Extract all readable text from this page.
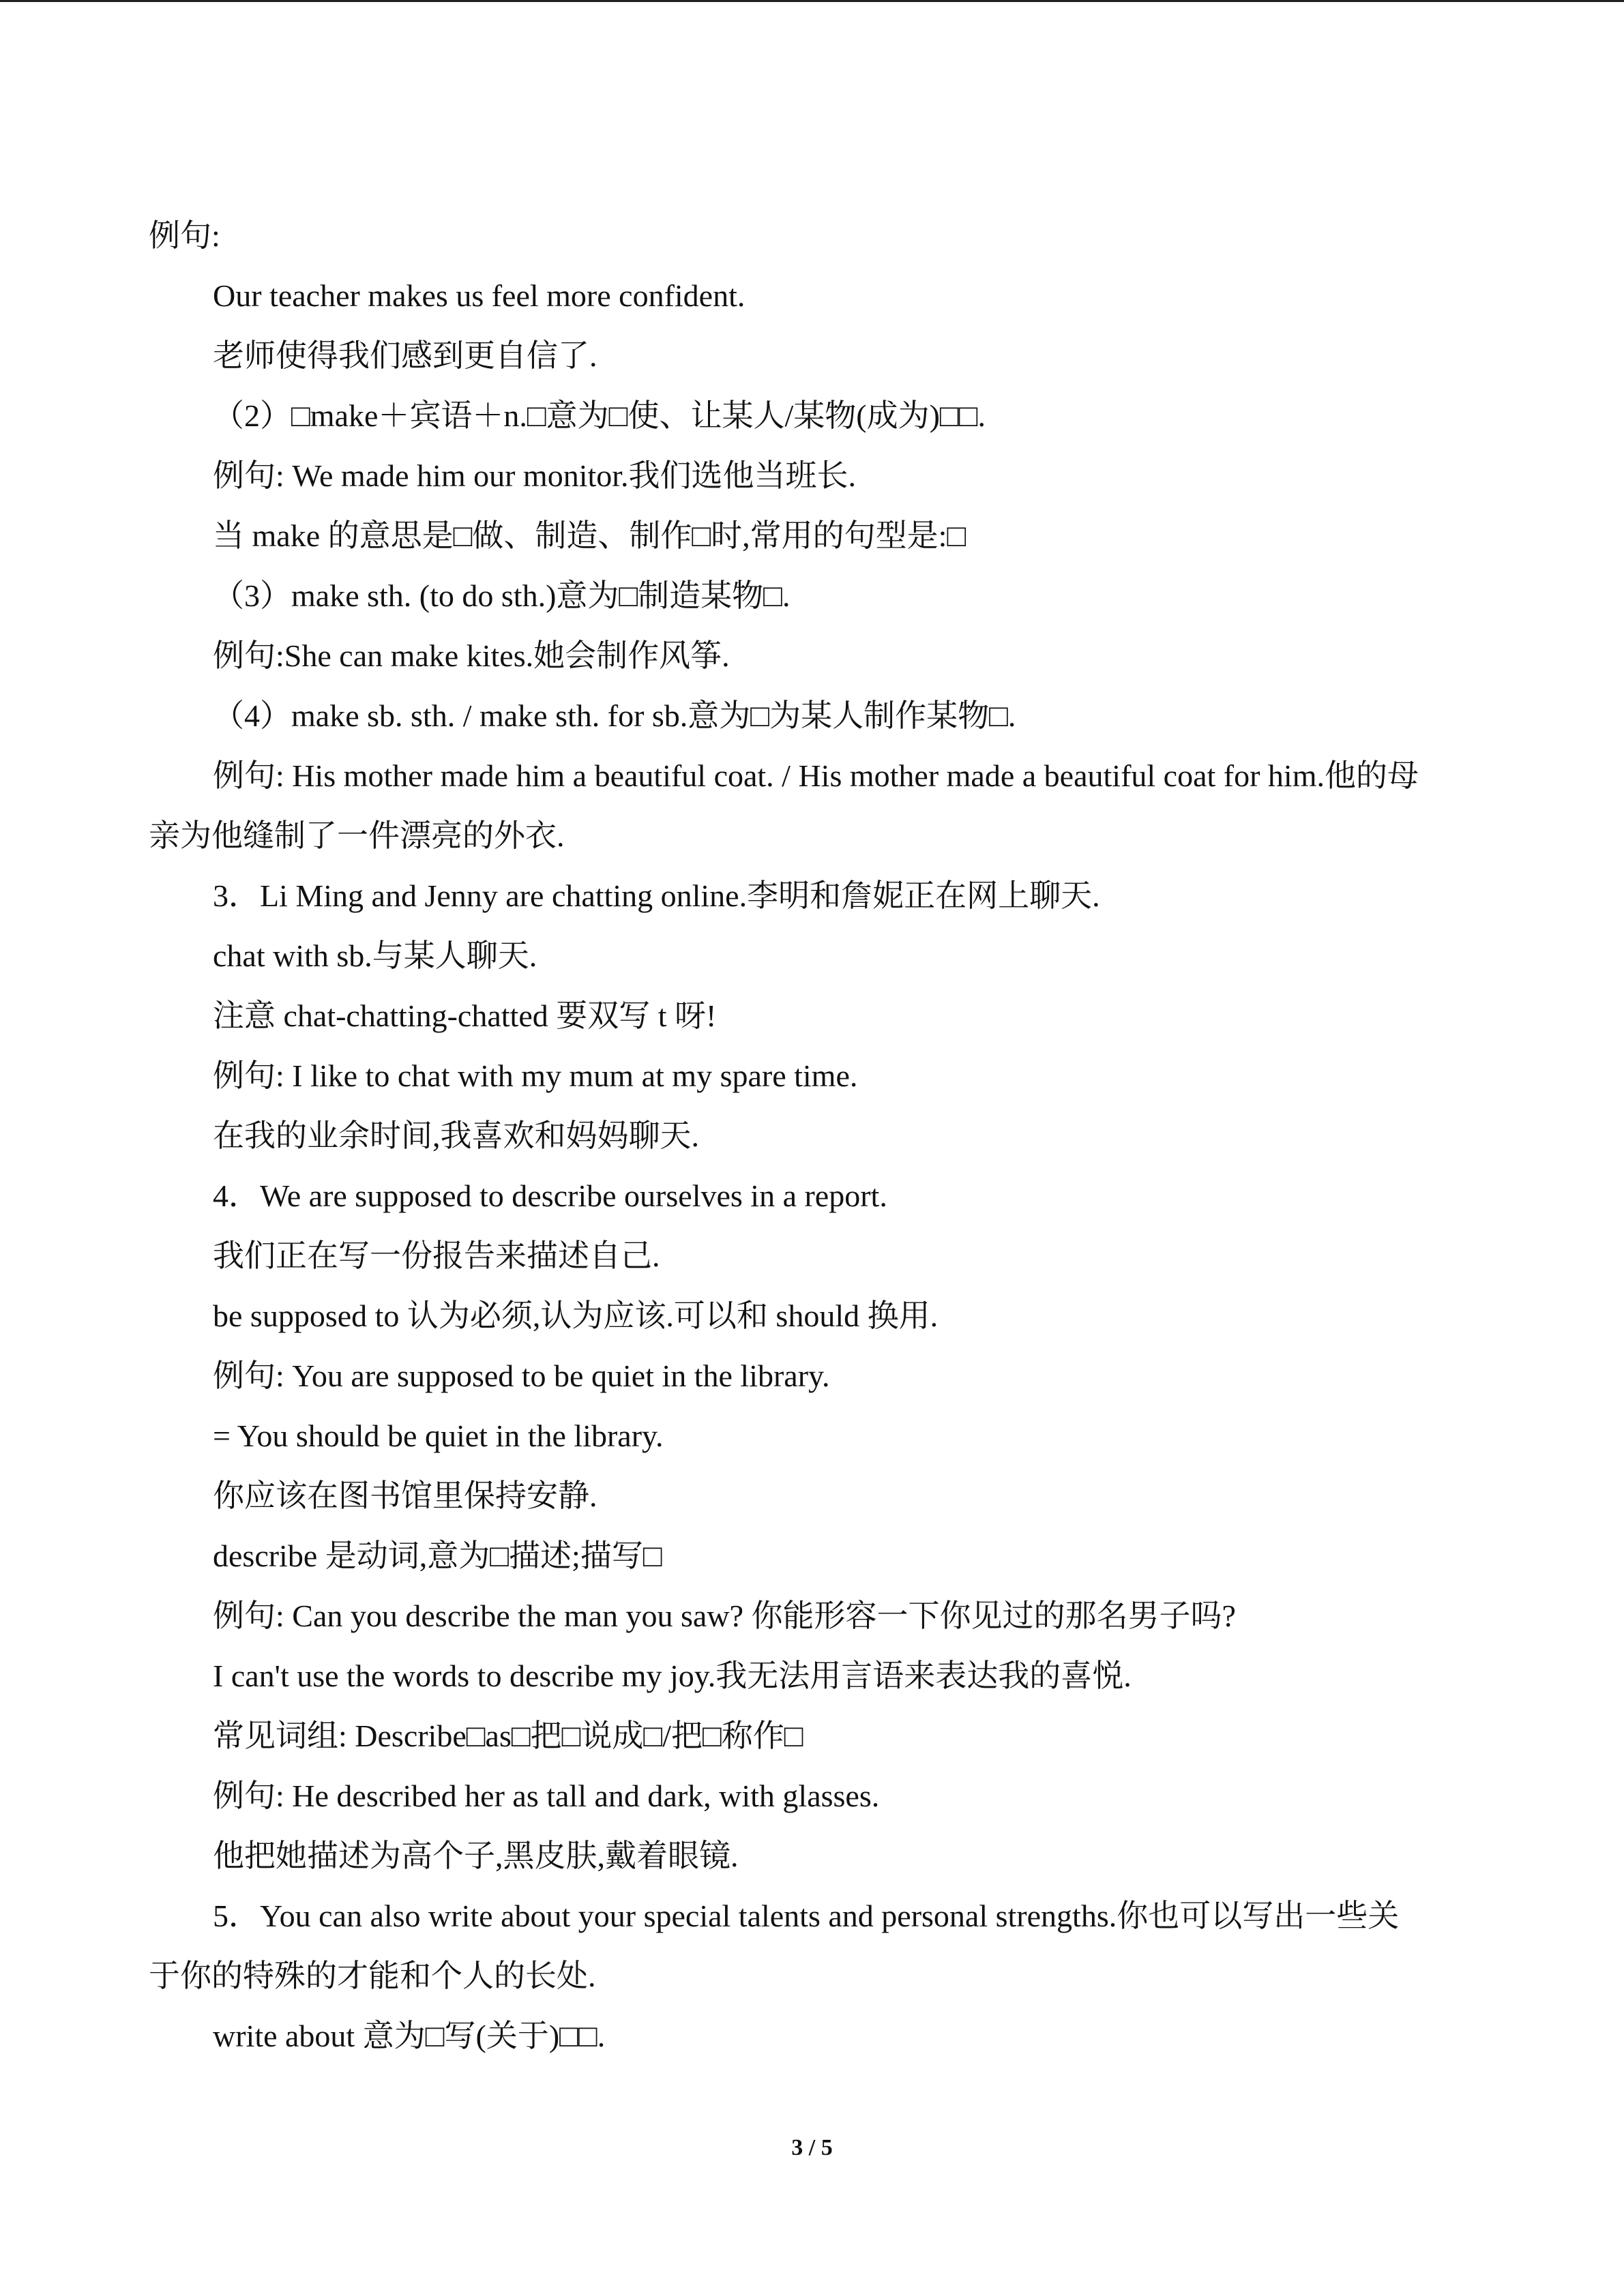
例句:
Our teacher makes us feel more confident.
老师使得我们感到更自信了.
（2）□make＋宾语＋n.□意为□使、让某人/某物(成为)□□.
例句: We made him our monitor.我们选他当班长.
当 make 的意思是□做、制造、制作□时,常用的句型是:□
（3）make sth. (to do sth.)意为□制造某物□.
例句:She can make kites.她会制作风筝.
（4）make sb. sth. / make sth. for sb.意为□为某人制作某物□.
例句: His mother made him a beautiful coat. / His mother made a beautiful coat for him.他的母
亲为他缝制了一件漂亮的外衣.
3．Li Ming and Jenny are chatting online.李明和詹妮正在网上聊天.
chat with sb.与某人聊天.
注意 chat-chatting-chatted 要双写 t 呀!
例句: I like to chat with my mum at my spare time.
在我的业余时间,我喜欢和妈妈聊天.
4．We are supposed to describe ourselves in a report.
我们正在写一份报告来描述自己.
be supposed to 认为必须,认为应该.可以和 should 换用.
例句: You are supposed to be quiet in the library.
= You should be quiet in the library.
你应该在图书馆里保持安静.
describe 是动词,意为□描述;描写□
例句: Can you describe the man you saw? 你能形容一下你见过的那名男子吗?
I can't use the words to describe my joy.我无法用言语来表达我的喜悦.
常见词组: Describe□as□把□说成□/把□称作□
例句: He described her as tall and dark, with glasses.
他把她描述为高个子,黑皮肤,戴着眼镜.
5．You can also write about your special talents and personal strengths.你也可以写出一些关
于你的特殊的才能和个人的长处.
write about 意为□写(关于)□□.
3 / 5
